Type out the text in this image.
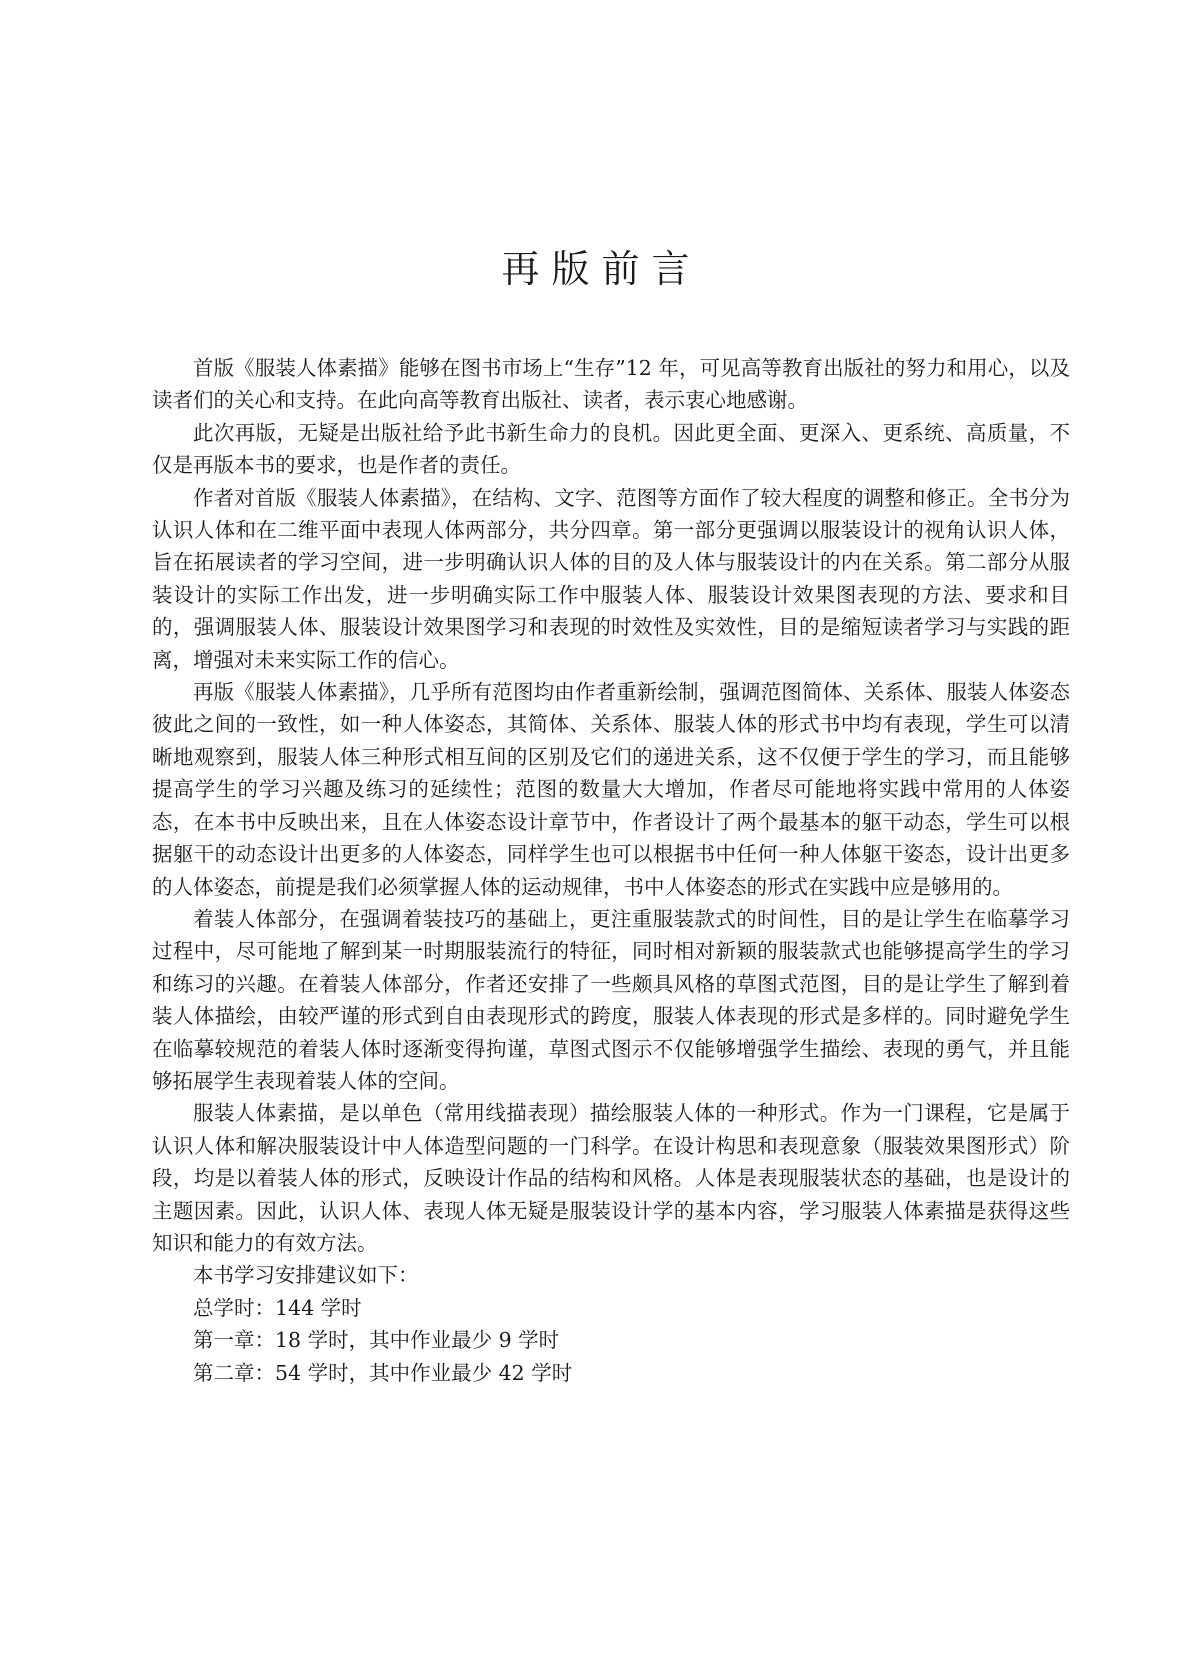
再版前言

首版《服装人体素描》能够在图书市场上“生存”12 年，可见高等教育出版社的努力和用心，以及读者们的关心和支持。在此向高等教育出版社、读者，表示衷心地感谢。

此次再版，无疑是出版社给予此书新生命力的良机。因此更全面、更深入、更系统、高质量，不仅是再版本书的要求，也是作者的责任。

作者对首版《服装人体素描》，在结构、文字、范图等方面作了较大程度的调整和修正。全书分为认识人体和在二维平面中表现人体两部分，共分四章。第一部分更强调以服装设计的视角认识人体，旨在拓展读者的学习空间，进一步明确认识人体的目的及人体与服装设计的内在关系。第二部分从服装设计的实际工作出发，进一步明确实际工作中服装人体、服装设计效果图表现的方法、要求和目的，强调服装人体、服装设计效果图学习和表现的时效性及实效性，目的是缩短读者学习与实践的距离，增强对未来实际工作的信心。

再版《服装人体素描》，几乎所有范图均由作者重新绘制，强调范图简体、关系体、服装人体姿态彼此之间的一致性，如一种人体姿态，其简体、关系体、服装人体的形式书中均有表现，学生可以清晰地观察到，服装人体三种形式相互间的区别及它们的递进关系，这不仅便于学生的学习，而且能够提高学生的学习兴趣及练习的延续性；范图的数量大大增加，作者尽可能地将实践中常用的人体姿态，在本书中反映出来，且在人体姿态设计章节中，作者设计了两个最基本的躯干动态，学生可以根据躯干的动态设计出更多的人体姿态，同样学生也可以根据书中任何一种人体躯干姿态，设计出更多的人体姿态，前提是我们必须掌握人体的运动规律，书中人体姿态的形式在实践中应是够用的。

着装人体部分，在强调着装技巧的基础上，更注重服装款式的时间性，目的是让学生在临摹学习过程中，尽可能地了解到某一时期服装流行的特征，同时相对新颖的服装款式也能够提高学生的学习和练习的兴趣。在着装人体部分，作者还安排了一些颇具风格的草图式范图，目的是让学生了解到着装人体描绘，由较严谨的形式到自由表现形式的跨度，服装人体表现的形式是多样的。同时避免学生在临摹较规范的着装人体时逐渐变得拘谨，草图式图示不仅能够增强学生描绘、表现的勇气，并且能够拓展学生表现着装人体的空间。

服装人体素描，是以单色（常用线描表现）描绘服装人体的一种形式。作为一门课程，它是属于认识人体和解决服装设计中人体造型问题的一门科学。在设计构思和表现意象（服装效果图形式）阶段，均是以着装人体的形式，反映设计作品的结构和风格。人体是表现服装状态的基础，也是设计的主题因素。因此，认识人体、表现人体无疑是服装设计学的基本内容，学习服装人体素描是获得这些知识和能力的有效方法。

本书学习安排建议如下：

总学时：144 学时

第一章：18 学时，其中作业最少 9 学时

第二章：54 学时，其中作业最少 42 学时
